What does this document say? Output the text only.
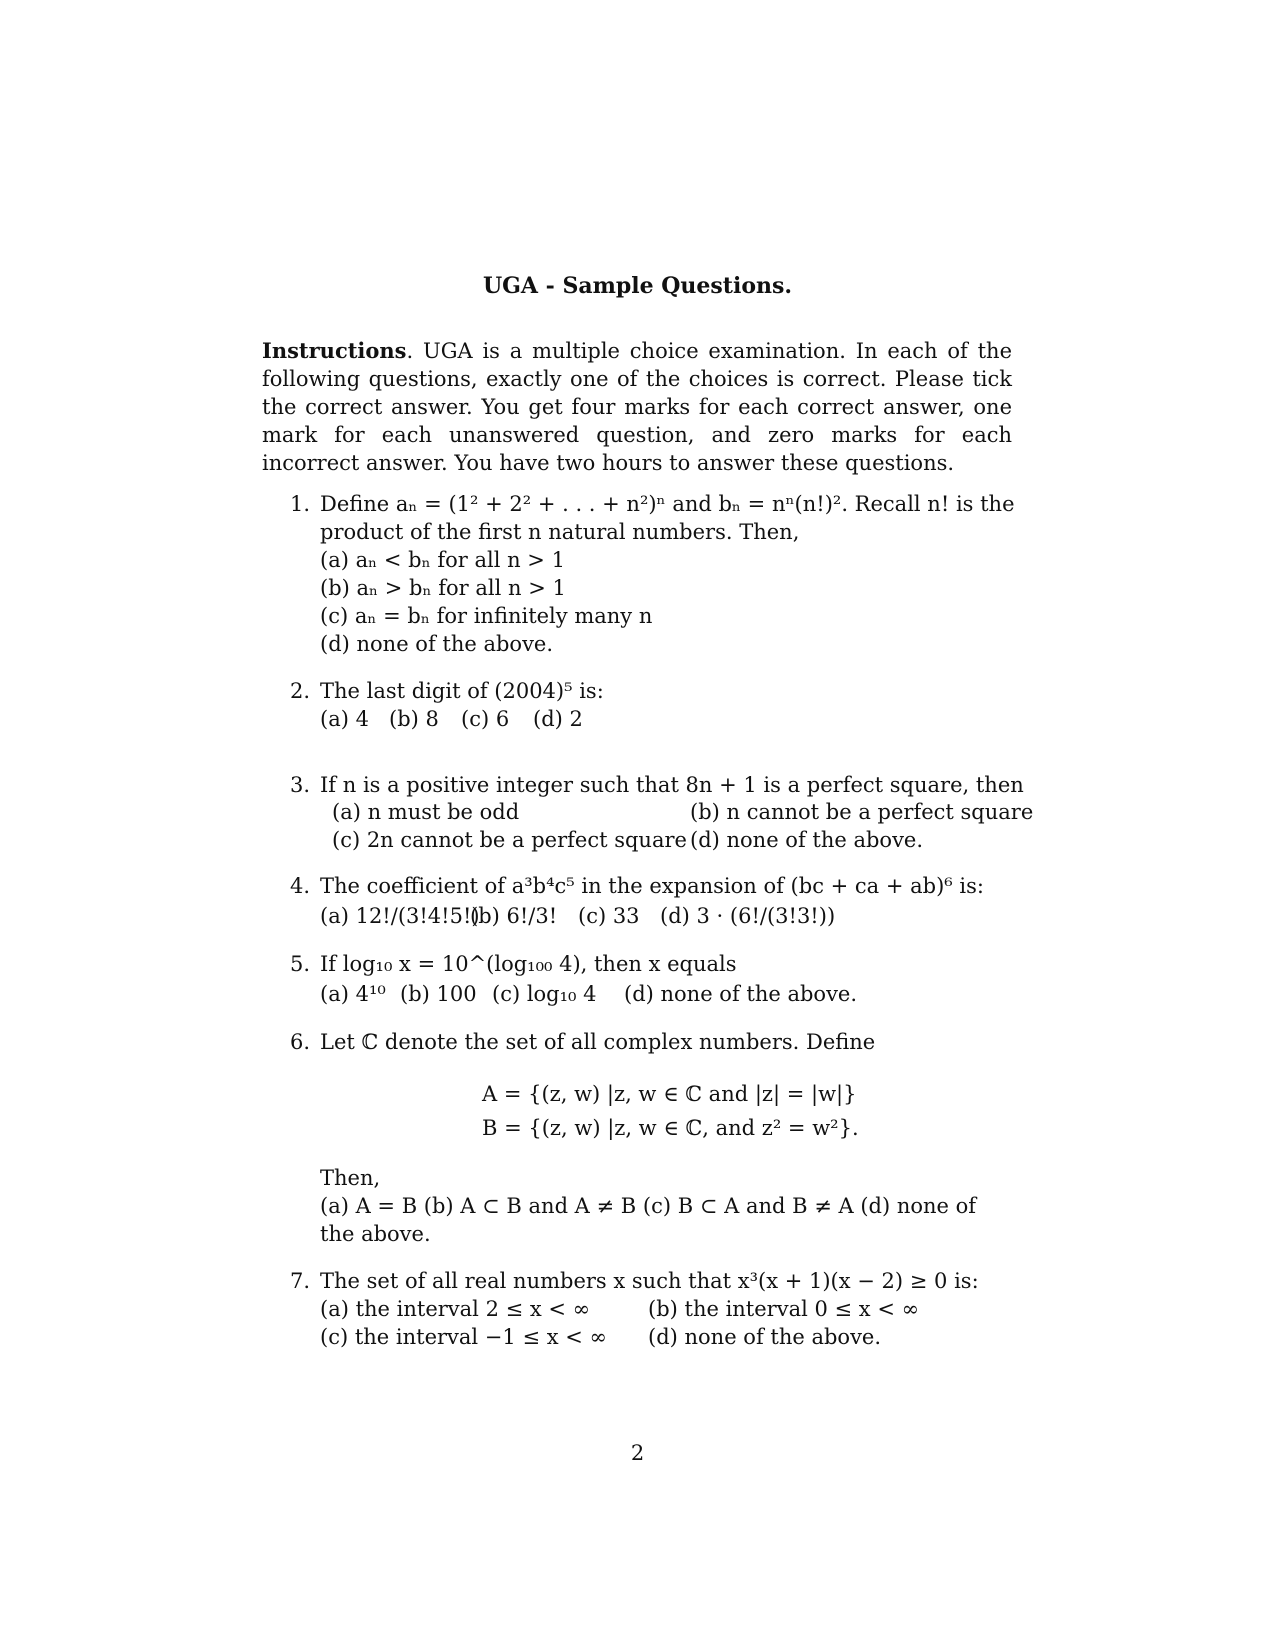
UGA - Sample Questions.
Instructions. UGA is a multiple choice examination. In each of the following questions, exactly one of the choices is correct. Please tick the correct answer. You get four marks for each correct answer, one mark for each unanswered question, and zero marks for each incorrect answer. You have two hours to answer these questions.
1. Define aₙ = (1² + 2² + . . . + n²)ⁿ and bₙ = nⁿ(n!)². Recall n! is the
product of the first n natural numbers. Then,
(a) aₙ < bₙ for all n > 1
(b) aₙ > bₙ for all n > 1
(c) aₙ = bₙ for infinitely many n
(d) none of the above.
2. The last digit of (2004)⁵ is:
(a) 4 (b) 8 (c) 6 (d) 2
3. If n is a positive integer such that 8n + 1 is a perfect square, then
(a) n must be odd	(b) n cannot be a perfect square
(c) 2n cannot be a perfect square (d) none of the above.
4. The coefficient of a³b⁴c⁵ in the expansion of (bc + ca + ab)⁶ is:
(a) 12!/(3!4!5!)
(b) 6!/3! (c) 33 (d) 3 · (6!/(3!3!))
5. If log₁₀ x = 10^(log₁₀₀ 4), then x equals
(a) 4¹⁰ (b) 100 (c) log₁₀ 4 (d) none of the above.
6. Let ℂ denote the set of all complex numbers. Define
A = {(z, w) |z, w ∈ ℂ and |z| = |w|}
B = {(z, w) |z, w ∈ ℂ, and z² = w²}.
Then,
(a) A = B (b) A ⊂ B and A ≠ B (c) B ⊂ A and B ≠ A (d) none of
the above.
7. The set of all real numbers x such that x³(x + 1)(x − 2) ≥ 0 is:
(a) the interval 2 ≤ x < ∞	(b) the interval 0 ≤ x < ∞
(c) the interval −1 ≤ x < ∞ (d) none of the above.
2
